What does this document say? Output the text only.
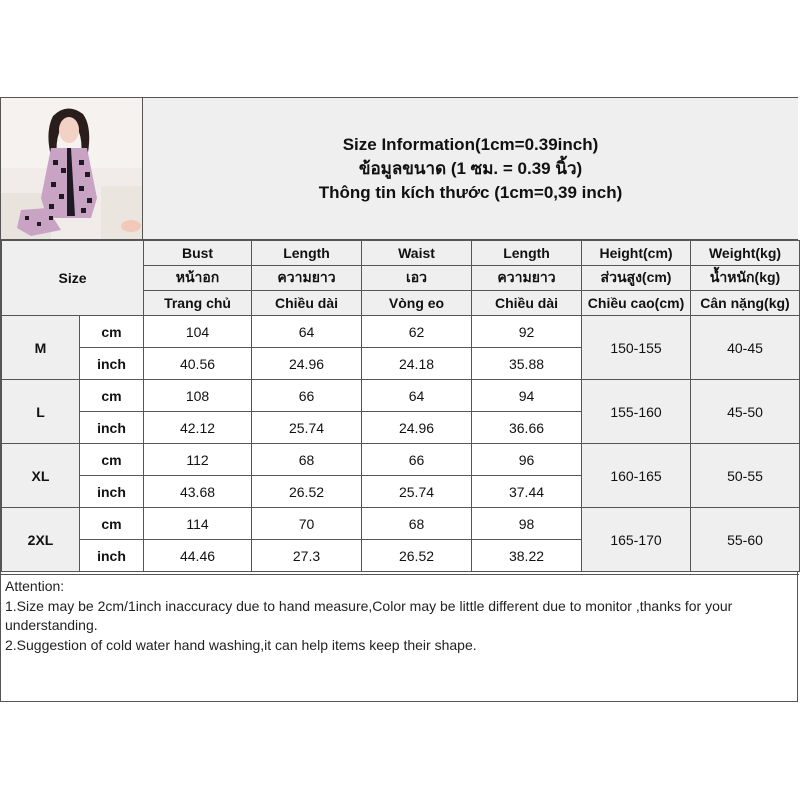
Size Information(1cm=0.39inch)
ข้อมูลขนาด (1 ซม. = 0.39 นิ้ว)
Thông tin kích thước (1cm=0,39 inch)
Size		Bust	Length	Waist	Length	Height(cm)	Weight(kg)
		หน้าอก	ความยาว	เอว	ความยาว	ส่วนสูง(cm)	น้ำหนัก(kg)
		Trang chủ	Chiều dài	Vòng eo	Chiều dài	Chiều cao(cm)	Cân nặng(kg)
M	cm	104	64	62	92	150-155	40-45
	inch	40.56	24.96	24.18	35.88		
L	cm	108	66	64	94	155-160	45-50
	inch	42.12	25.74	24.96	36.66		
XL	cm	112	68	66	96	160-165	50-55
	inch	43.68	26.52	25.74	37.44		
2XL	cm	114	70	68	98	165-170	55-60
	inch	44.46	27.3	26.52	38.22		

Attention:

1.Size may be 2cm/1inch inaccuracy due to hand measure,Color may be little different due to monitor ,thanks for your understanding.

2.Suggestion of cold water hand washing,it can help items keep their shape.
